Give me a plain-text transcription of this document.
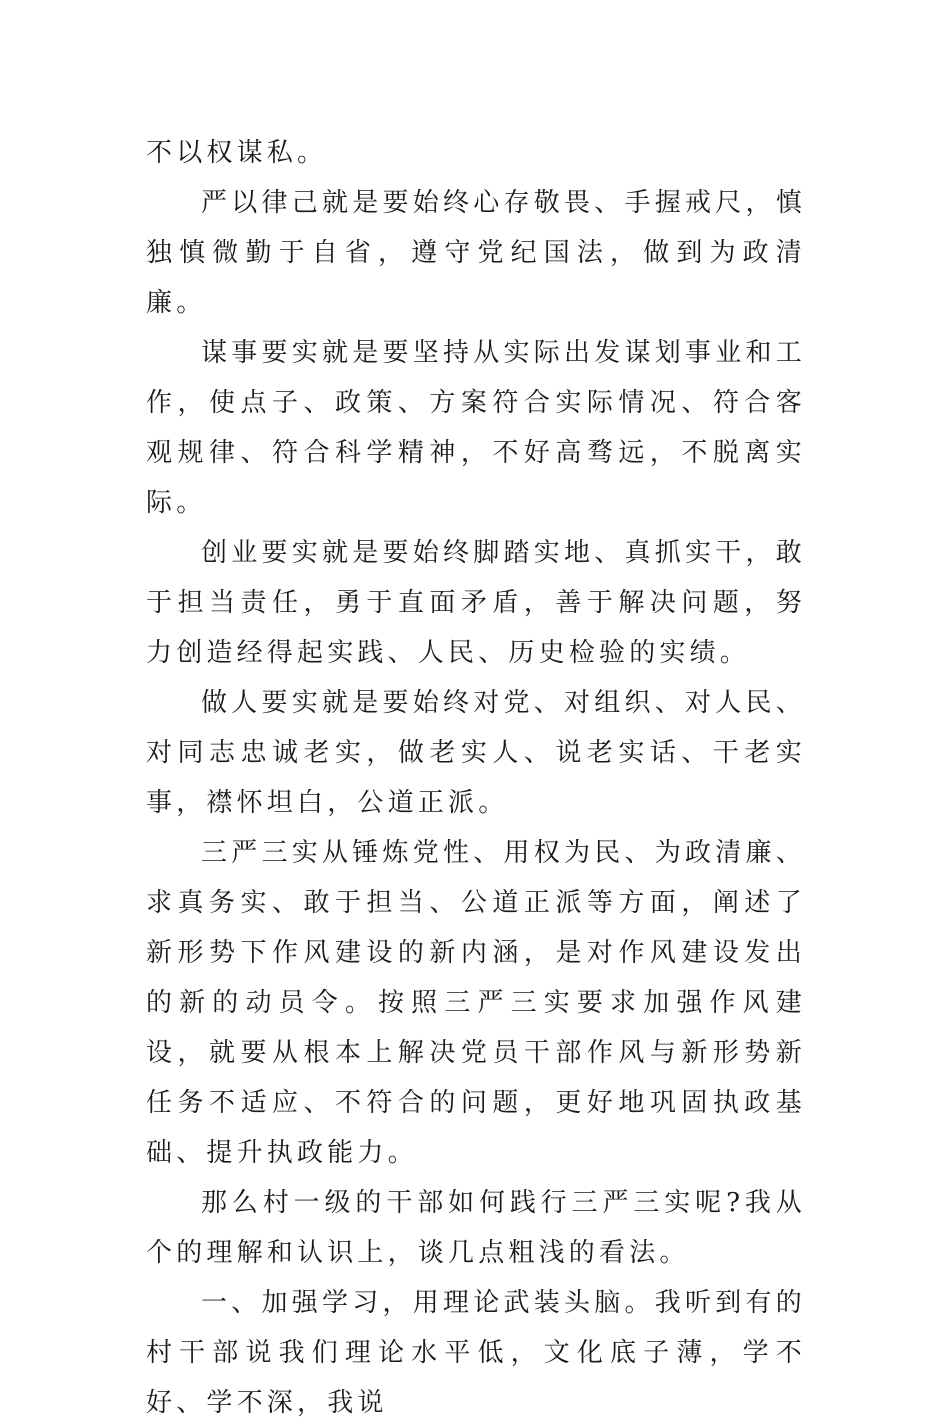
不以权谋私。

严以律己就是要始终心存敬畏、手握戒尺，慎独慎微勤于自省，遵守党纪国法，做到为政清廉。

谋事要实就是要坚持从实际出发谋划事业和工作，使点子、政策、方案符合实际情况、符合客观规律、符合科学精神，不好高骛远，不脱离实际。

创业要实就是要始终脚踏实地、真抓实干，敢于担当责任，勇于直面矛盾，善于解决问题，努力创造经得起实践、人民、历史检验的实绩。

做人要实就是要始终对党、对组织、对人民、对同志忠诚老实，做老实人、说老实话、干老实事，襟怀坦白，公道正派。

三严三实从锤炼党性、用权为民、为政清廉、求真务实、敢于担当、公道正派等方面，阐述了新形势下作风建设的新内涵，是对作风建设发出的新的动员令。按照三严三实要求加强作风建设，就要从根本上解决党员干部作风与新形势新任务不适应、不符合的问题，更好地巩固执政基础、提升执政能力。

那么村一级的干部如何践行三严三实呢?我从个的理解和认识上，谈几点粗浅的看法。

一、加强学习，用理论武装头脑。我听到有的村干部说我们理论水平低，文化底子薄，学不好、学不深，我说
